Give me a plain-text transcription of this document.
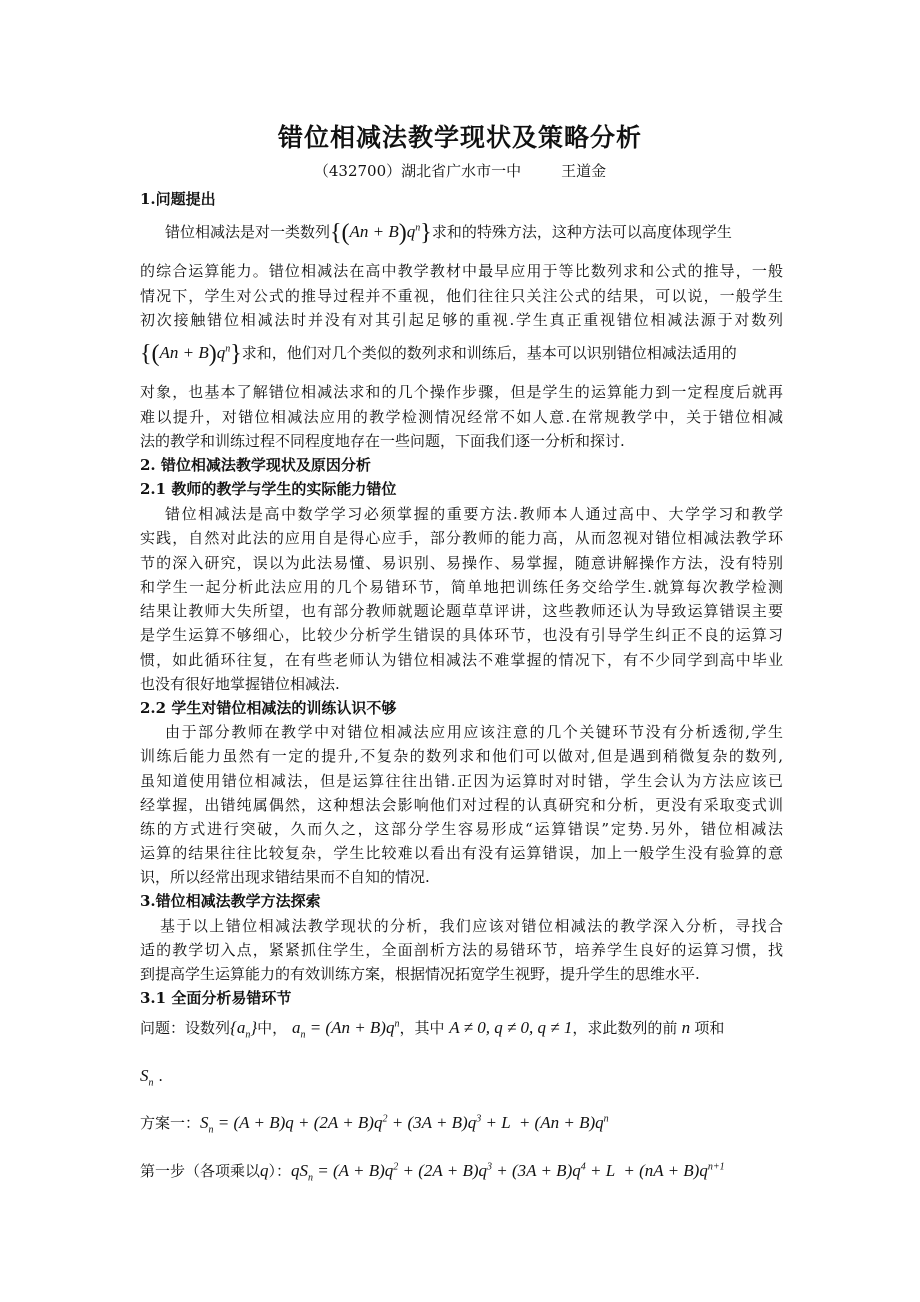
错位相减法教学现状及策略分析
（432700）湖北省广水市一中	王道金
1.问题提出
错位相减法是对一类数列$\{(An + B)q^n\}$求和的特殊方法，这种方法可以高度体现学生
的综合运算能力。错位相减法在高中教学教材中最早应用于等比数列求和公式的推导，一般
情况下，学生对公式的推导过程并不重视，他们往往只关注公式的结果，可以说，一般学生
初次接触错位相减法时并没有对其引起足够的重视.学生真正重视错位相减法源于对数列
$\{(An + B)q^n\}$求和，他们对几个类似的数列求和训练后，基本可以识别错位相减法适用的
对象，也基本了解错位相减法求和的几个操作步骤，但是学生的运算能力到一定程度后就再
难以提升，对错位相减法应用的教学检测情况经常不如人意.在常规教学中，关于错位相减
法的教学和训练过程不同程度地存在一些问题，下面我们逐一分析和探讨.
2. 错位相减法教学现状及原因分析
2.1 教师的教学与学生的实际能力错位
错位相减法是高中数学学习必须掌握的重要方法.教师本人通过高中、大学学习和教学
实践，自然对此法的应用自是得心应手，部分教师的能力高，从而忽视对错位相减法教学环
节的深入研究，误以为此法易懂、易识别、易操作、易掌握，随意讲解操作方法，没有特别
和学生一起分析此法应用的几个易错环节，简单地把训练任务交给学生.就算每次教学检测
结果让教师大失所望，也有部分教师就题论题草草评讲，这些教师还认为导致运算错误主要
是学生运算不够细心，比较少分析学生错误的具体环节，也没有引导学生纠正不良的运算习
惯，如此循环往复，在有些老师认为错位相减法不难掌握的情况下，有不少同学到高中毕业
也没有很好地掌握错位相减法.
2.2 学生对错位相减法的训练认识不够
由于部分教师在教学中对错位相减法应用应该注意的几个关键环节没有分析透彻,学生
训练后能力虽然有一定的提升,不复杂的数列求和他们可以做对,但是遇到稍微复杂的数列,
虽知道使用错位相减法，但是运算往往出错.正因为运算时对时错，学生会认为方法应该已
经掌握，出错纯属偶然，这种想法会影响他们对过程的认真研究和分析，更没有采取变式训
练的方式进行突破，久而久之，这部分学生容易形成“运算错误”定势.另外，错位相减法
运算的结果往往比较复杂，学生比较难以看出有没有运算错误，加上一般学生没有验算的意
识，所以经常出现求错结果而不自知的情况.
3.错位相减法教学方法探索
基于以上错位相减法教学现状的分析，我们应该对错位相减法的教学深入分析，寻找合
适的教学切入点，紧紧抓住学生，全面剖析方法的易错环节，培养学生良好的运算习惯，找
到提高学生运算能力的有效训练方案，根据情况拓宽学生视野，提升学生的思维水平.
3.1 全面分析易错环节
问题：设数列$\{a_n\}$中， $a_n = (An + B)q^n$，其中 A ≠ 0, q ≠ 0, q ≠ 1，求此数列的前 n 项和
$S_n$ .
方案一：$S_n = (A + B)q + (2A + B)q^2 + (3A + B)q^3 + L + (An + B)q^n$
第一步（各项乘以q）：$qS_n = (A + B)q^2 + (2A + B)q^3 + (3A + B)q^4 + L + (nA + B)q^{n+1}$
